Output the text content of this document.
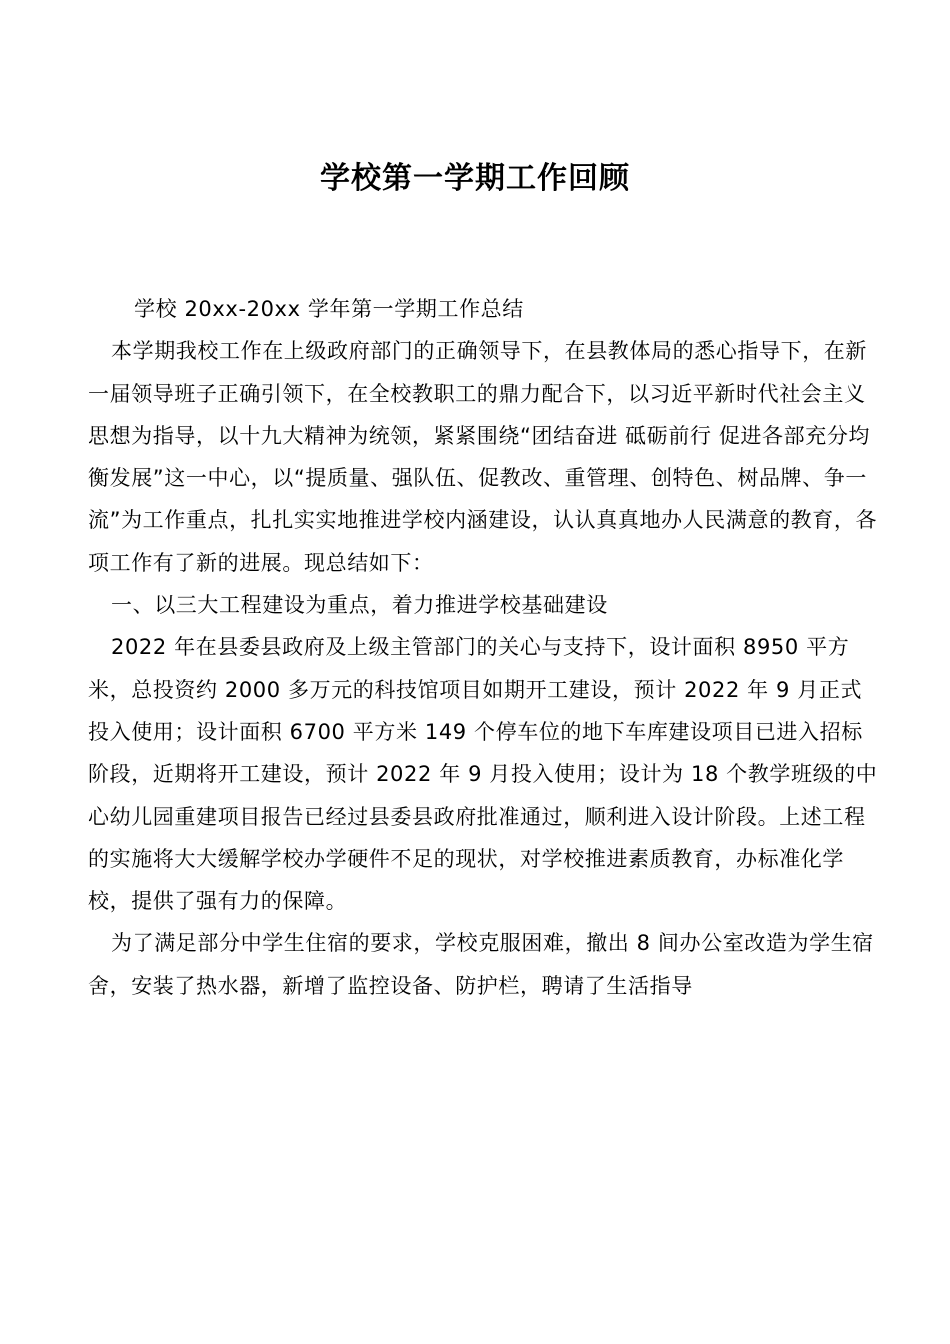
学校第一学期工作回顾

学校 20xx-20xx 学年第一学期工作总结

本学期我校工作在上级政府部门的正确领导下，在县教体局的悉心指导下，在新一届领导班子正确引领下，在全校教职工的鼎力配合下，以习近平新时代社会主义思想为指导，以十九大精神为统领，紧紧围绕“团结奋进 砥砺前行 促进各部充分均衡发展”这一中心，以“提质量、强队伍、促教改、重管理、创特色、树品牌、争一流”为工作重点，扎扎实实地推进学校内涵建设，认认真真地办人民满意的教育，各项工作有了新的进展。现总结如下：

一、以三大工程建设为重点，着力推进学校基础建设

2022 年在县委县政府及上级主管部门的关心与支持下，设计面积 8950 平方米，总投资约 2000 多万元的科技馆项目如期开工建设，预计 2022 年 9 月正式投入使用；设计面积 6700 平方米 149 个停车位的地下车库建设项目已进入招标阶段，近期将开工建设，预计 2022 年 9 月投入使用；设计为 18 个教学班级的中心幼儿园重建项目报告已经过县委县政府批准通过，顺利进入设计阶段。上述工程的实施将大大缓解学校办学硬件不足的现状，对学校推进素质教育，办标准化学校，提供了强有力的保障。

为了满足部分中学生住宿的要求，学校克服困难，撤出 8 间办公室改造为学生宿舍，安装了热水器，新增了监控设备、防护栏，聘请了生活指导
